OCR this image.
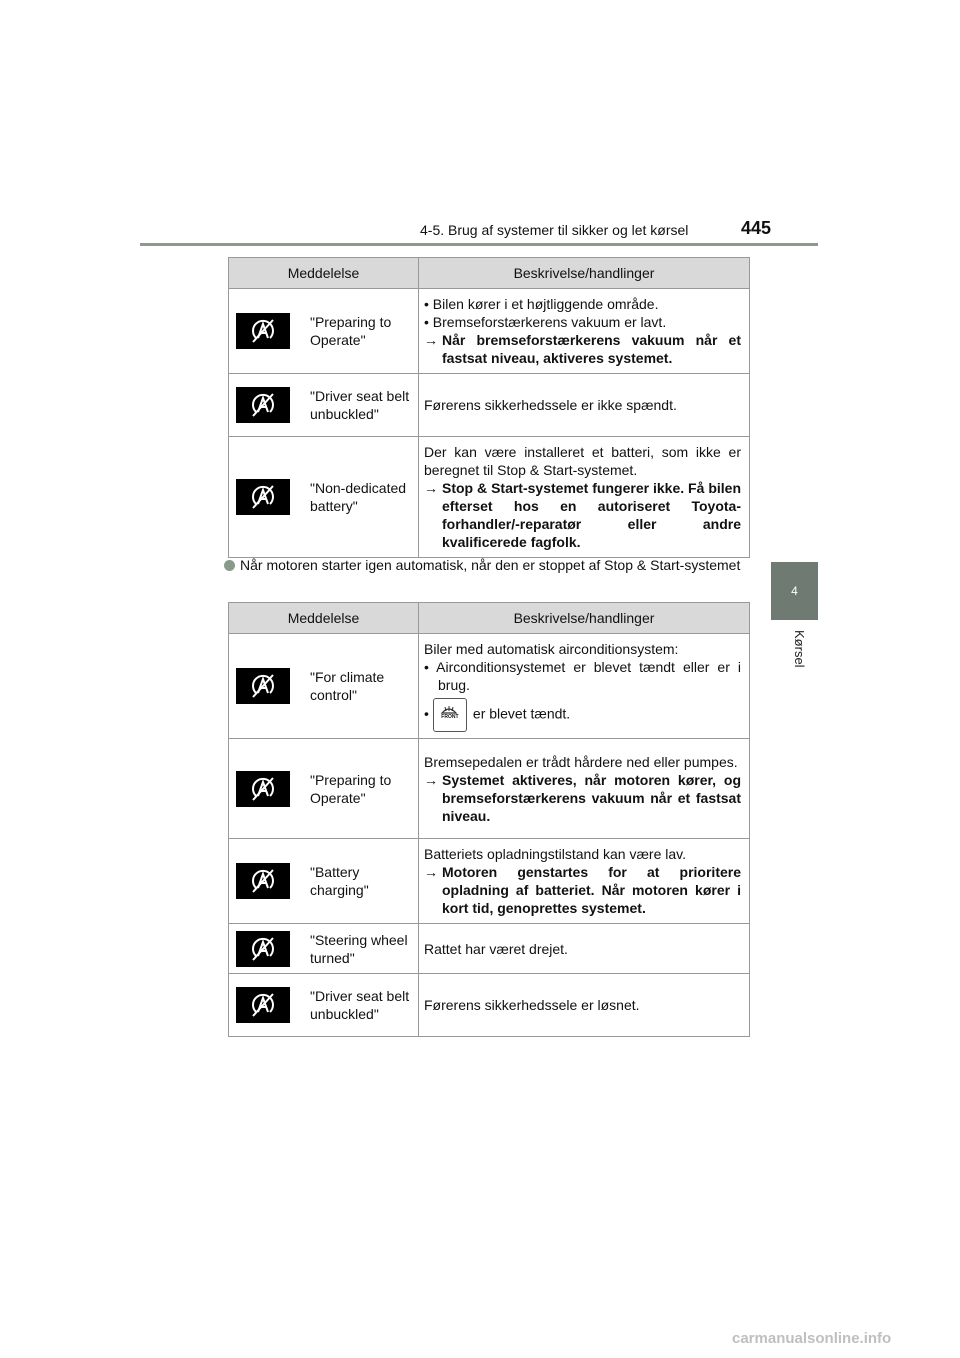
4-5. Brug af systemer til sikker og let kørsel	445
4
Kørsel
Meddelelse		Beskrivelse/handlinger

	"Preparing to Operate"	• Bilen kører i et højtliggende område.
• Bremseforstærkerens vakuum er lavt.
→ Når bremseforstærkerens vakuum når et fastsat niveau, aktiveres systemet.

	"Driver seat belt unbuckled"	Førerens sikkerhedssele er ikke spændt.

	"Non-dedicated battery"	Der kan være installeret et batteri, som ikke er beregnet til Stop & Start-systemet.
→ Stop & Start-systemet fungerer ikke. Få bilen efterset hos en autoriseret Toyota-forhandler/-reparatør eller andre kvalificerede fagfolk.
Når motoren starter igen automatisk, når den er stoppet af Stop & Start-systemet
Meddelelse		Beskrivelse/handlinger

	"For climate control"	Biler med automatisk airconditionsystem:
• Airconditionsystemet er blevet tændt eller er i brug.
• FRONT er blevet tændt.

	"Preparing to Operate"	Bremsepedalen er trådt hårdere ned eller pumpes.
→ Systemet aktiveres, når motoren kører, og bremseforstærkerens vakuum når et fastsat niveau.

	"Battery charging"	Batteriets opladningstilstand kan være lav.
→ Motoren genstartes for at prioritere opladning af batteriet. Når motoren kører i kort tid, genoprettes systemet.

	"Steering wheel turned"	Rattet har været drejet.

	"Driver seat belt unbuckled"	Førerens sikkerhedssele er løsnet.
carmanualsonline.info
